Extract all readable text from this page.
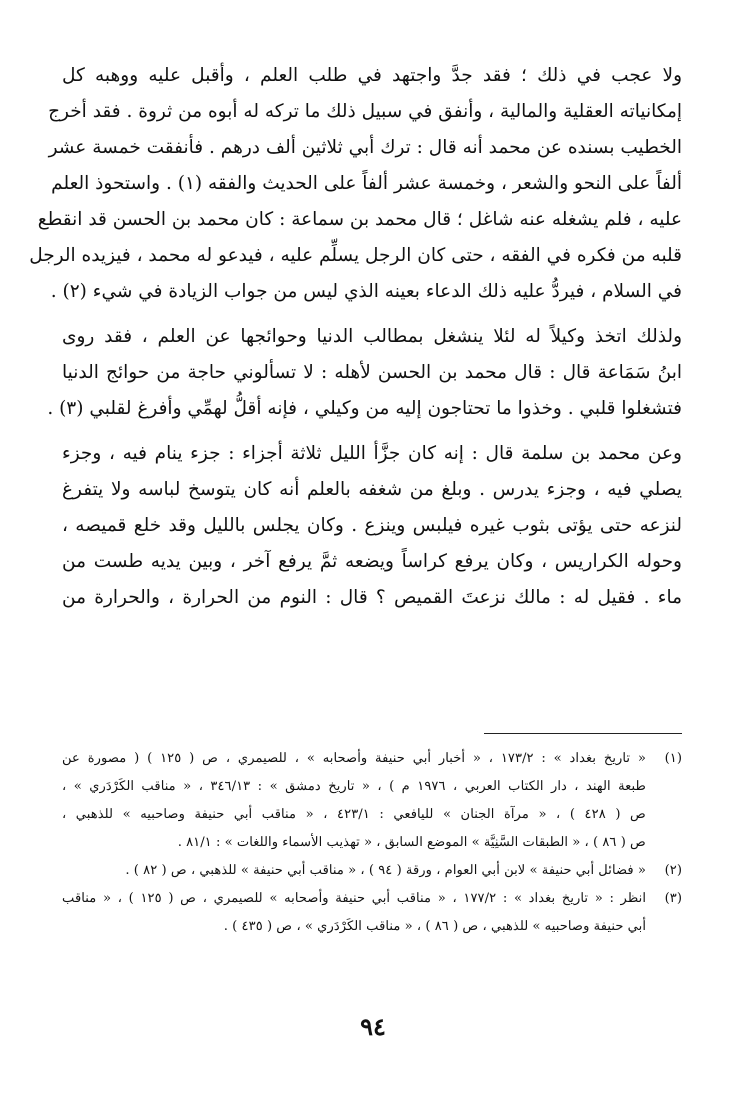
ولا عجب في ذلك ؛ فقد جدَّ واجتهد في طلب العلم ، وأقبل عليه ووهبه كل
إمكانياته العقلية والمالية ، وأنفق في سبيل ذلك ما تركه له أبوه من ثروة . فقد أخرج
الخطيب بسنده عن محمد أنه قال : ترك أبي ثلاثين ألف درهم . فأنفقت خمسة عشر
ألفاً على النحو والشعر ، وخمسة عشر ألفاً على الحديث والفقه (١) . واستحوذ العلم
عليه ، فلم يشغله عنه شاغل ؛ قال محمد بن سماعة : كان محمد بن الحسن قد انقطع
قلبه من فكره في الفقه ، حتى كان الرجل يسلِّم عليه ، فيدعو له محمد ، فيزيده الرجل
في السلام ، فيردُّ عليه ذلك الدعاء بعينه الذي ليس من جواب الزيادة في شيء (٢) .

ولذلك اتخذ وكيلاً له لئلا ينشغل بمطالب الدنيا وحوائجها عن العلم ، فقد روى
ابنُ سَمَاعة قال : قال محمد بن الحسن لأهله : لا تسألوني حاجة من حوائج الدنيا
فتشغلوا قلبي . وخذوا ما تحتاجون إليه من وكيلي ، فإنه أقلُّ لهمِّي وأفرغ لقلبي (٣) .

وعن محمد بن سلمة قال : إنه كان جزَّأ الليل ثلاثة أجزاء : جزء ينام فيه ، وجزء
يصلي فيه ، وجزء يدرس . وبلغ من شغفه بالعلم أنه كان يتوسخ لباسه ولا يتفرغ
لنزعه حتى يؤتى بثوب غيره فيلبس وينزع . وكان يجلس بالليل وقد خلع قميصه ،
وحوله الكراريس ، وكان يرفع كراساً ويضعه ثمَّ يرفع آخر ، وبين يديه طست من
ماء . فقيل له : مالك نزعتَ القميص ؟ قال : النوم من الحرارة ، والحرارة من

(١)
« تاريخ بغداد » : ١٧٣/٢ ، « أخبار أبي حنيفة وأصحابه » ، للصيمري ، ص ( ١٢٥ ) ( مصورة عن
طبعة الهند ، دار الكتاب العربي ، ١٩٧٦ م ) ، « تاريخ دمشق » : ٣٤٦/١٣ ، « مناقب الكَرْدَري » ،
ص ( ٤٢٨ ) ، « مرآة الجنان » لليافعي : ٤٢٣/١ ، « مناقب أبي حنيفة وصاحبيه » للذهبي ،
ص ( ٨٦ ) ، « الطبقات السَّنِيَّة » الموضع السابق ، « تهذيب الأسماء واللغات » : ٨١/١ .
(٢)
« فضائل أبي حنيفة » لابن أبي العوام ، ورقة ( ٩٤ ) ، « مناقب أبي حنيفة » للذهبي ، ص ( ٨٢ ) .
(٣)
انظر : « تاريخ بغداد » : ١٧٧/٢ ، « مناقب أبي حنيفة وأصحابه » للصيمري ، ص ( ١٢٥ ) ، « مناقب
أبي حنيفة وصاحبيه » للذهبي ، ص ( ٨٦ ) ، « مناقب الكَرْدَري » ، ص ( ٤٣٥ ) .
٩٤
